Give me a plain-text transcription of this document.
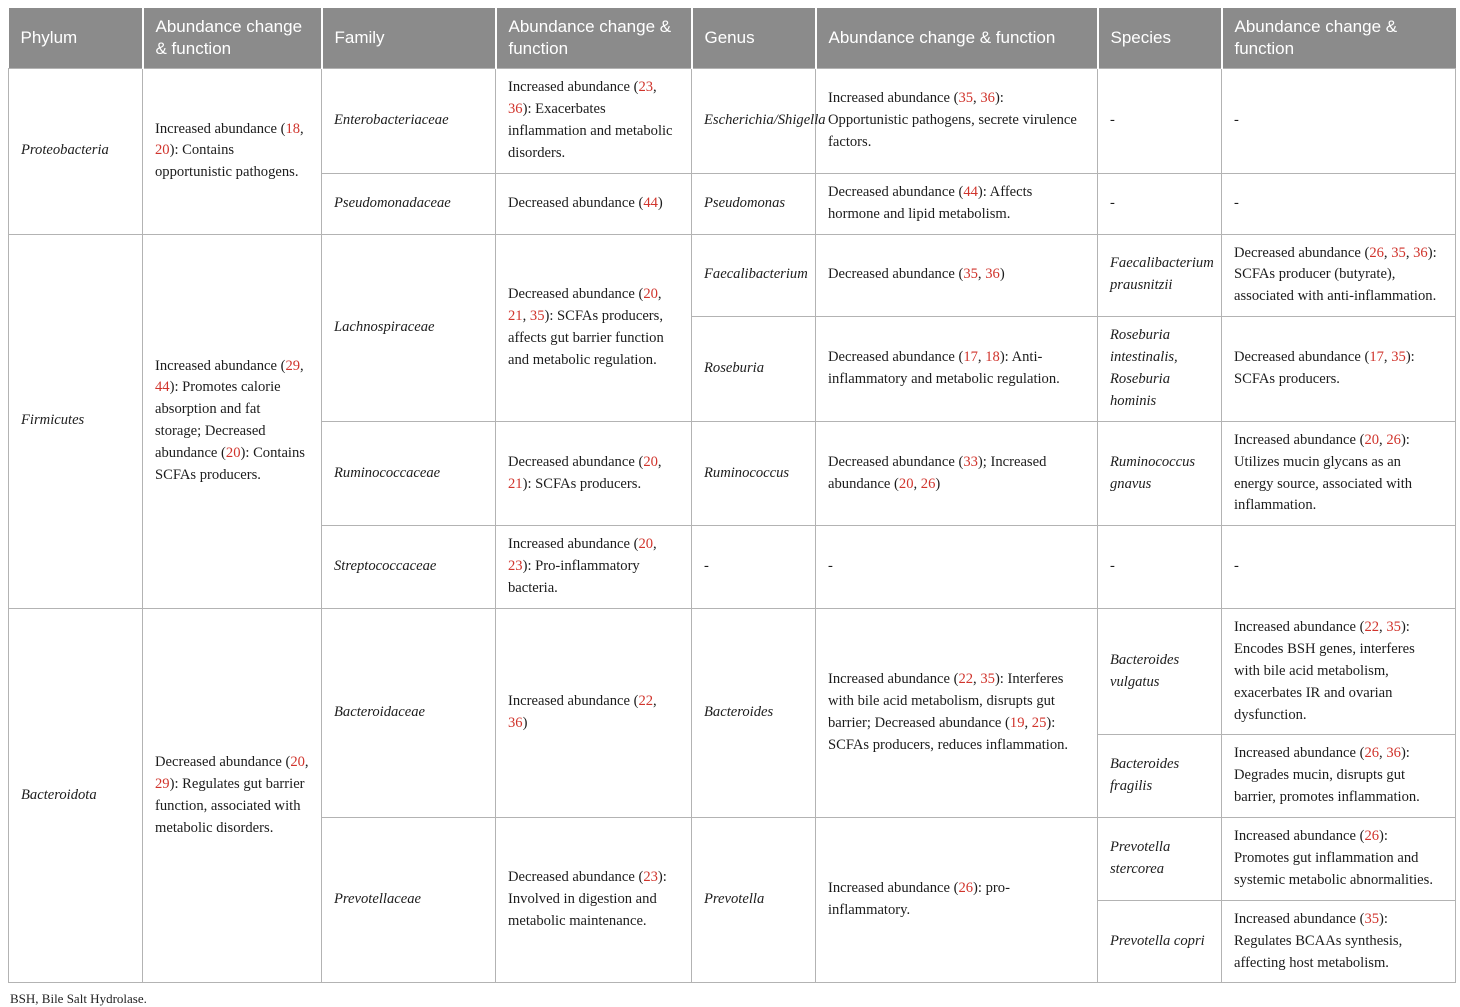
Phylum	Abundance change & function	Family	Abundance change & function	Genus	Abundance change & function	Species	Abundance change & function
Proteobacteria	Increased abundance (18, 20): Contains opportunistic pathogens.	Enterobacteriaceae	Increased abundance (23, 36): Exacerbates inflammation and metabolic disorders.	Escherichia/Shigella	Increased abundance (35, 36): Opportunistic pathogens, secrete virulence factors.	-	-
		Pseudomonadaceae	Decreased abundance (44)	Pseudomonas	Decreased abundance (44): Affects hormone and lipid metabolism.	-	-
Firmicutes	Increased abundance (29, 44): Promotes calorie absorption and fat storage; Decreased abundance (20): Contains SCFAs producers.	Lachnospiraceae	Decreased abundance (20, 21, 35): SCFAs producers, affects gut barrier function and metabolic regulation.	Faecalibacterium	Decreased abundance (35, 36)	Faecalibacterium prausnitzii	Decreased abundance (26, 35, 36): SCFAs producer (butyrate), associated with anti-inflammation.
				Roseburia	Decreased abundance (17, 18): Anti-inflammatory and metabolic regulation.	Roseburia intestinalis, Roseburia hominis	Decreased abundance (17, 35): SCFAs producers.
		Ruminococcaceae	Decreased abundance (20, 21): SCFAs producers.	Ruminococcus	Decreased abundance (33); Increased abundance (20, 26)	Ruminococcus gnavus	Increased abundance (20, 26): Utilizes mucin glycans as an energy source, associated with inflammation.
		Streptococcaceae	Increased abundance (20, 23): Pro-inflammatory bacteria.	-	-	-	-
Bacteroidota	Decreased abundance (20, 29): Regulates gut barrier function, associated with metabolic disorders.	Bacteroidaceae	Increased abundance (22, 36)	Bacteroides	Increased abundance (22, 35): Interferes with bile acid metabolism, disrupts gut barrier; Decreased abundance (19, 25): SCFAs producers, reduces inflammation.	Bacteroides vulgatus	Increased abundance (22, 35): Encodes BSH genes, interferes with bile acid metabolism, exacerbates IR and ovarian dysfunction.
						Bacteroides fragilis	Increased abundance (26, 36): Degrades mucin, disrupts gut barrier, promotes inflammation.
		Prevotellaceae	Decreased abundance (23): Involved in digestion and metabolic maintenance.	Prevotella	Increased abundance (26): pro-inflammatory.	Prevotella stercorea	Increased abundance (26): Promotes gut inflammation and systemic metabolic abnormalities.
						Prevotella copri	Increased abundance (35): Regulates BCAAs synthesis, affecting host metabolism.
BSH, Bile Salt Hydrolase.
